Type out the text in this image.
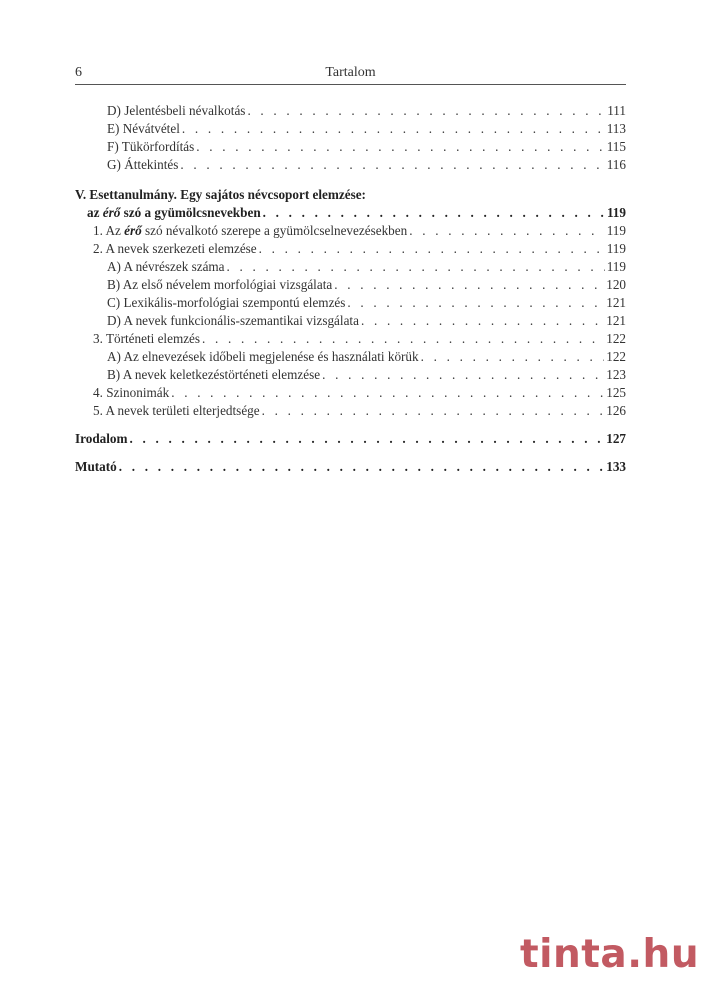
6	Tartalom
D) Jelentésbeli névalkotás . . .	111
E) Névátvétel . . .	113
F) Tükörfordítás . . .	115
G) Áttekintés . . .	116
V. Esettanulmány. Egy sajátos névcsoport elemzése:
az érő szó a gyümölcsnevekben . . .	119
1. Az érő szó névalkotó szerepe a gyümölcselnevezésekben . . .	119
2. A nevek szerkezeti elemzése . . .	119
A) A névrészek száma . . .	119
B) Az első névelem morfológiai vizsgálata . . .	120
C) Lexikális-morfológiai szempontú elemzés . . .	121
D) A nevek funkcionális-szemantikai vizsgálata . . .	121
3. Történeti elemzés . . .	122
A) Az elnevezések időbeli megjelenése és használati körük . . .	122
B) A nevek keletkezéstörténeti elemzése . . .	123
4. Szinonimák . . .	125
5. A nevek területi elterjedtsége . . .	126
Irodalom . . .	127
Mutató . . .	133
tinta.hu
